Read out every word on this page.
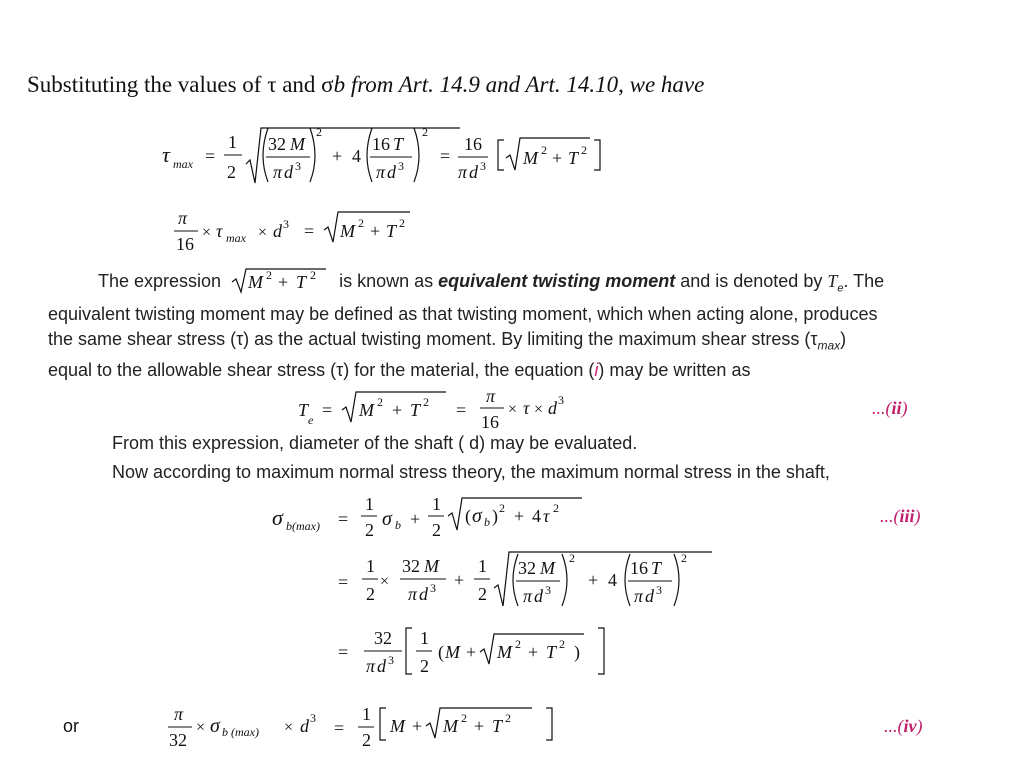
Substituting the values of τ and σb from Art. 14.9 and Art. 14.10, we have
τ max =
1
2
32 M
π d 3
2
+ 4
16 T
π d 3
2
=
16
π d 3 M 2 + T 2
π
16
× τ max × d 3 = M 2 + T 2
The expression M 2 + T 2 is known as equivalent twisting moment and is denoted by $T_e$. The
equivalent twisting moment may be defined as that twisting moment, which when acting alone, produces
the same shear stress (τ) as the actual twisting moment. By limiting the maximum shear stress $(\tau_{max})$
equal to the allowable shear stress (τ) for the material, the equation (i) may be written as
T e = M 2 + T 2 =
π
16
× τ × d 3	...(ii)
From this expression, diameter of the shaft ( d) may be evaluated.
Now according to maximum normal stress theory, the maximum normal stress in the shaft,
σ b(max) =
1
2 σ b +
1
2
( σ b ) 2 + 4 τ 2	...(iii)
=
1
2
×
32 M
π d 3 +
1
2
32 M
π d 3
2
+ 4
16 T
π d 3
2
=
32
π d 3
1
2
( M + M 2 + T 2 )
or
π
32
× σ b (max) × d 3 =
1
2
M + M 2 + T 2	...(iv)
